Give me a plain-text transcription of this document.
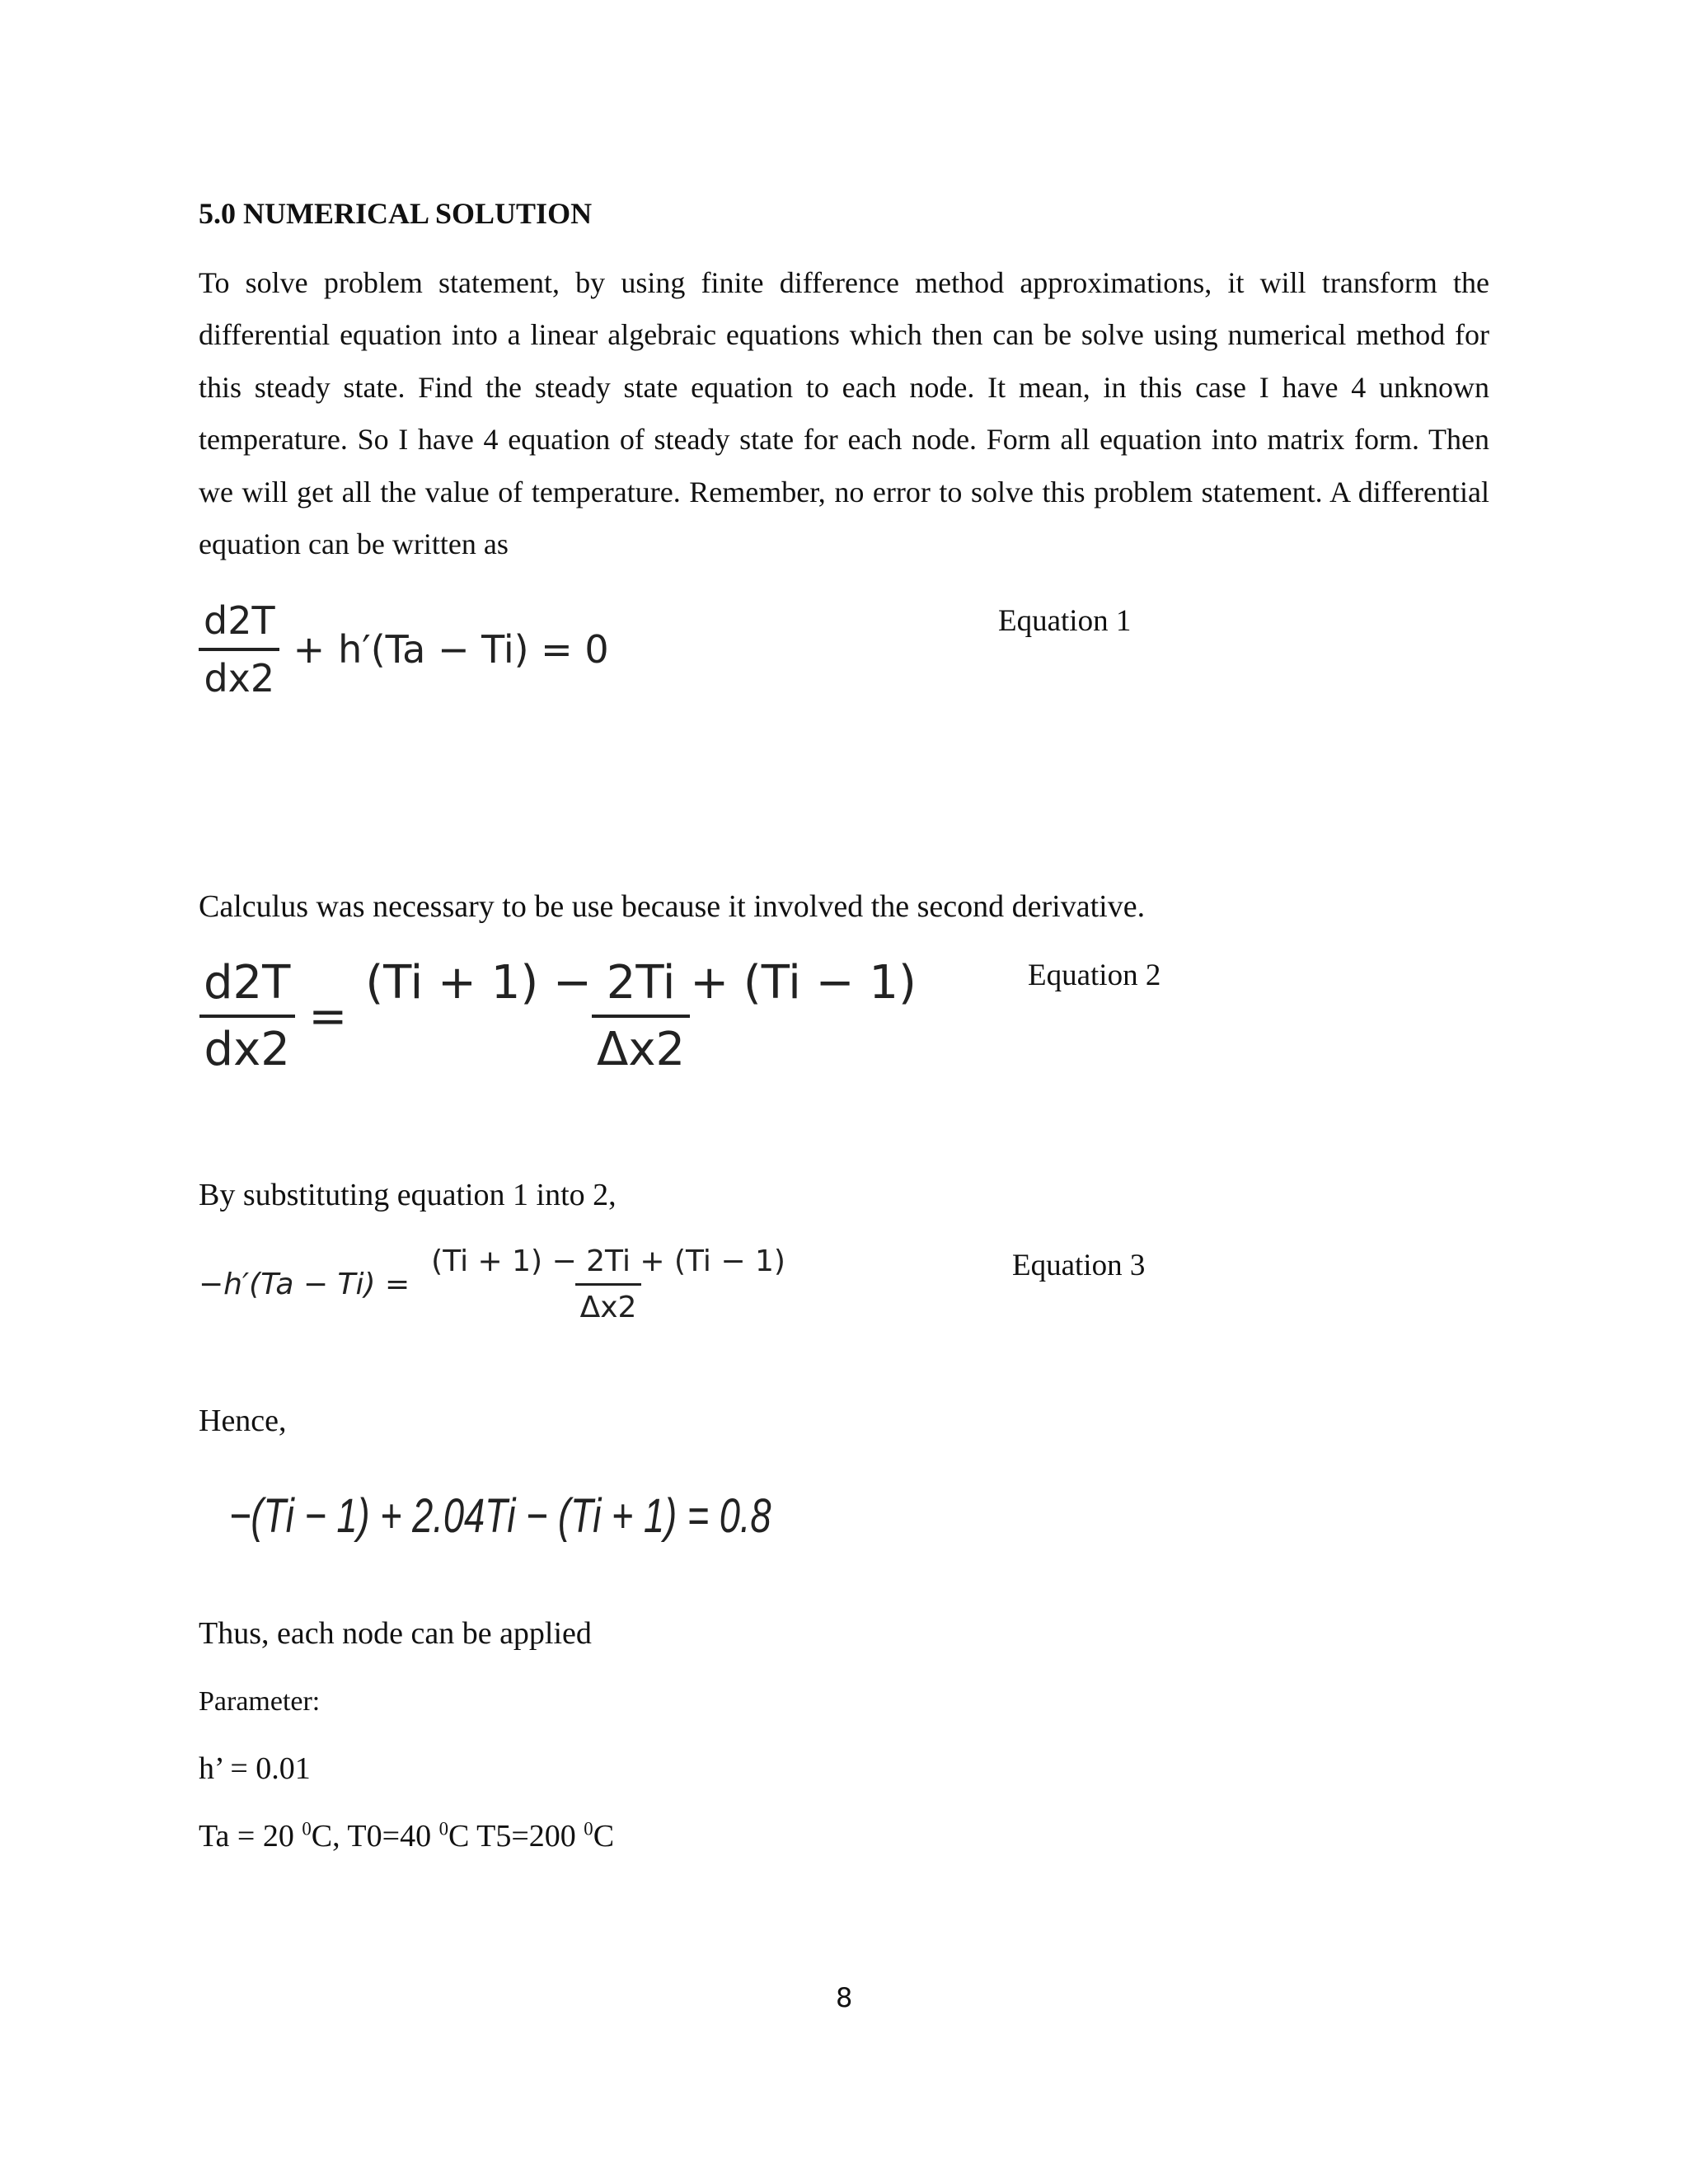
5.0 NUMERICAL SOLUTION

To solve problem statement, by using finite difference method approximations, it will transform the differential equation into a linear algebraic equations which then can be solve using numerical method for this steady state. Find the steady state equation to each node. It mean, in this case I have 4 unknown temperature. So I have 4 equation of steady state for each node. Form all equation into matrix form. Then we will get all the value of temperature. Remember, no error to solve this problem statement. A differential equation can be written as

$\frac{d2T}{dx2} + h'(Ta - Ti) = 0$
Equation 1

Calculus was necessary to be use because it involved the second derivative.

$\frac{d2T}{dx2} = \frac{(Ti + 1) - 2Ti + (Ti - 1)}{\Delta x2}$	Equation 2

By substituting equation 1 into 2,

$-h'(Ta - Ti) = \frac{(Ti + 1) - 2Ti + (Ti - 1)}{\Delta x2}$	Equation 3

Hence,

−(Ti − 1) + 2.04Ti − (Ti + 1) = 0.8

Thus, each node can be applied

Parameter:

h’ = 0.01

Ta = 20 $^0$C, T0=40 $^0$C T5=200 $^0$C

8
